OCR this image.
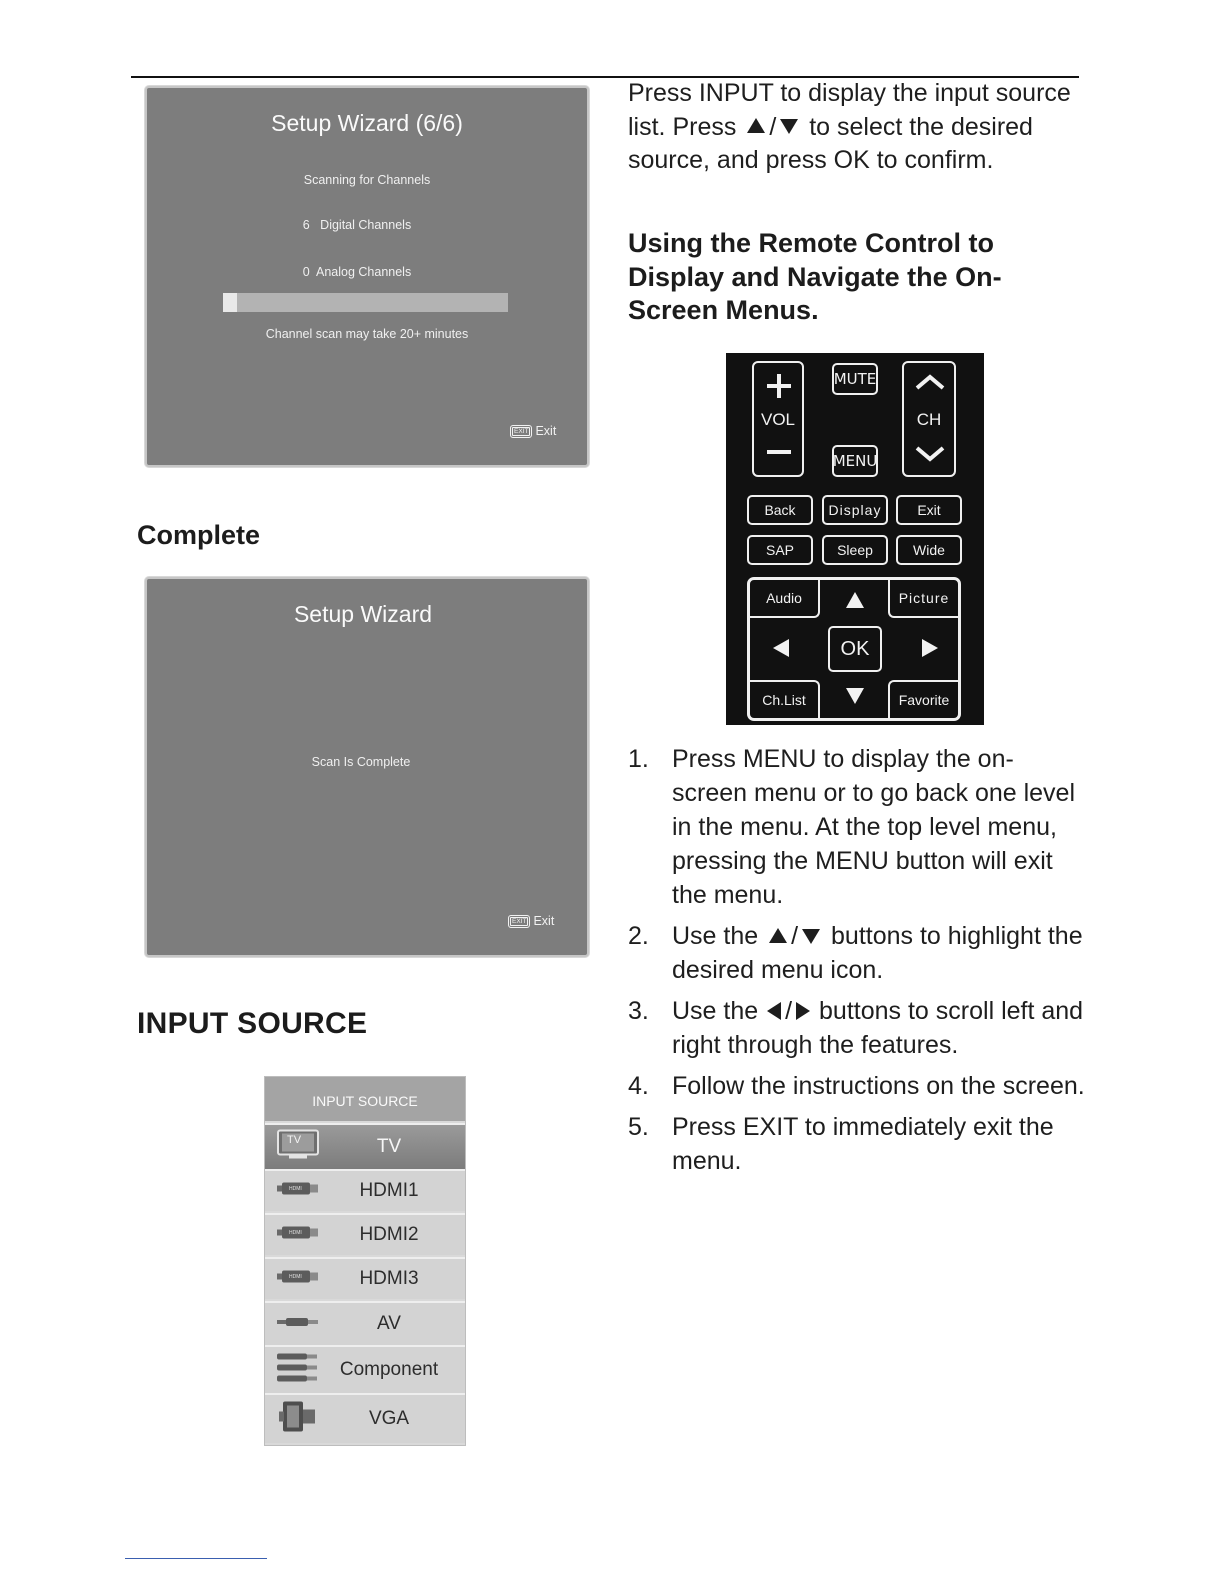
Setup Wizard (6/6)
Scanning for Channels
6 Digital Channels
0 Analog Channels
Channel scan may take 20+ minutes
EXIT Exit
Complete
Setup Wizard
Scan Is Complete
EXIT Exit
INPUT SOURCE
INPUT SOURCE
TV	TV
HDMI	HDMI1
HDMI	HDMI2
HDMI	HDMI3
AV
Component
VGA
Press INPUT to display the input source list. Press / to select the desired source, and press OK to confirm.
Using the Remote Control to Display and Navigate the On-Screen Menus.
VOL
MUTE
MENU
CH
Back	Display	Exit
SAP	Sleep	Wide
Audio	Picture
Ch.List	Favorite
OK
1. Press MENU to display the on-screen menu or to go back one level in the menu. At the top level menu, pressing the MENU button will exit the menu.
2. Use the / buttons to highlight the desired menu icon.
3. Use the / buttons to scroll left and right through the features.
4. Follow the instructions on the screen.
5. Press EXIT to immediately exit the menu.
